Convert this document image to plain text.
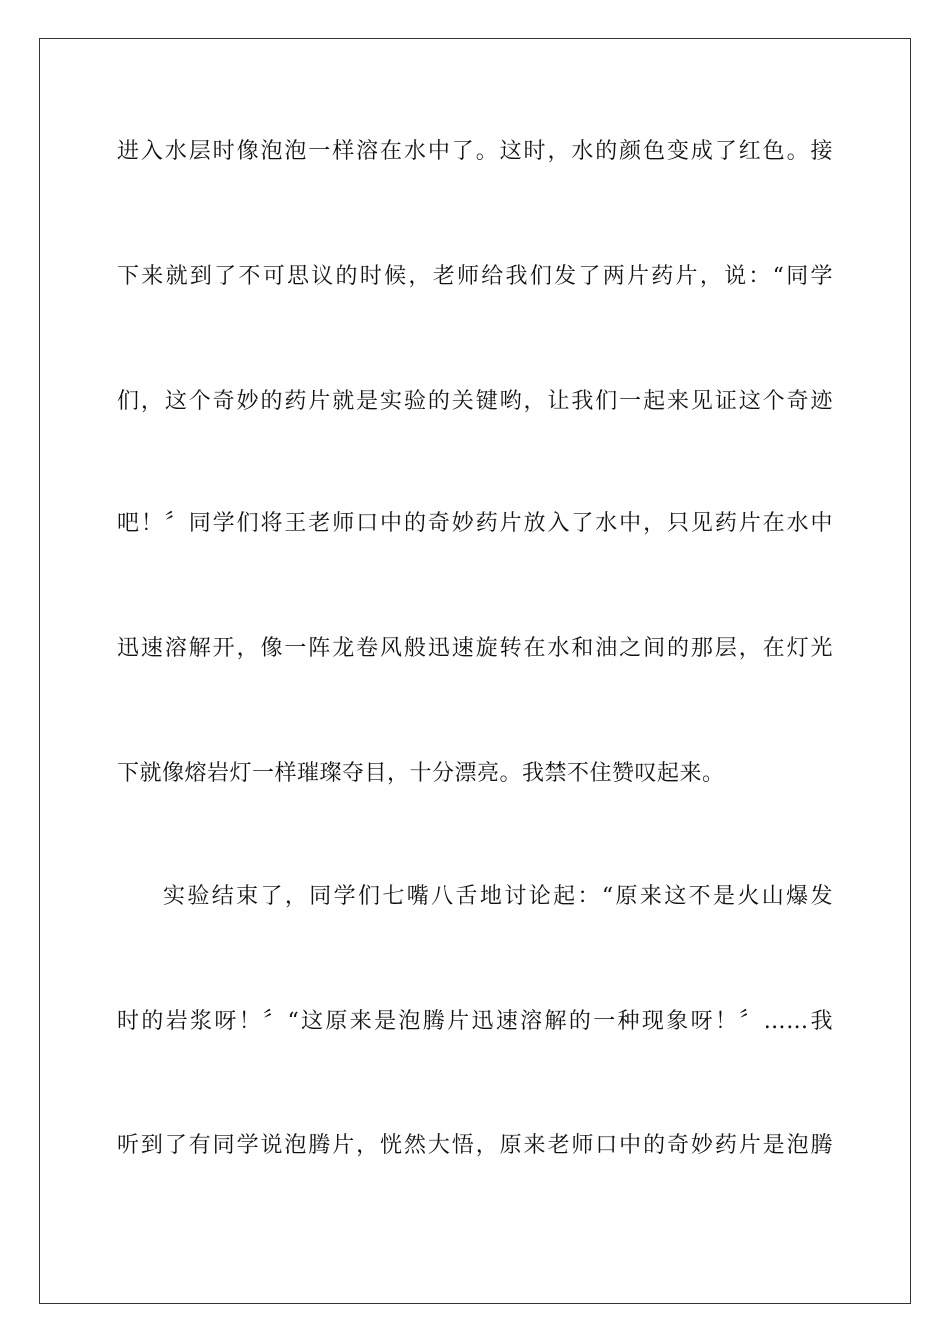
进入水层时像泡泡一样溶在水中了。这时，水的颜色变成了红色。接
下来就到了不可思议的时候，老师给我们发了两片药片，说：“同学
们，这个奇妙的药片就是实验的关键哟，让我们一起来见证这个奇迹
吧！〞同学们将王老师口中的奇妙药片放入了水中，只见药片在水中
迅速溶解开，像一阵龙卷风般迅速旋转在水和油之间的那层，在灯光
下就像熔岩灯一样璀璨夺目，十分漂亮。我禁不住赞叹起来。
实验结束了，同学们七嘴八舌地讨论起：“原来这不是火山爆发
时的岩浆呀！〞“这原来是泡腾片迅速溶解的一种现象呀！〞……我
听到了有同学说泡腾片，恍然大悟，原来老师口中的奇妙药片是泡腾
